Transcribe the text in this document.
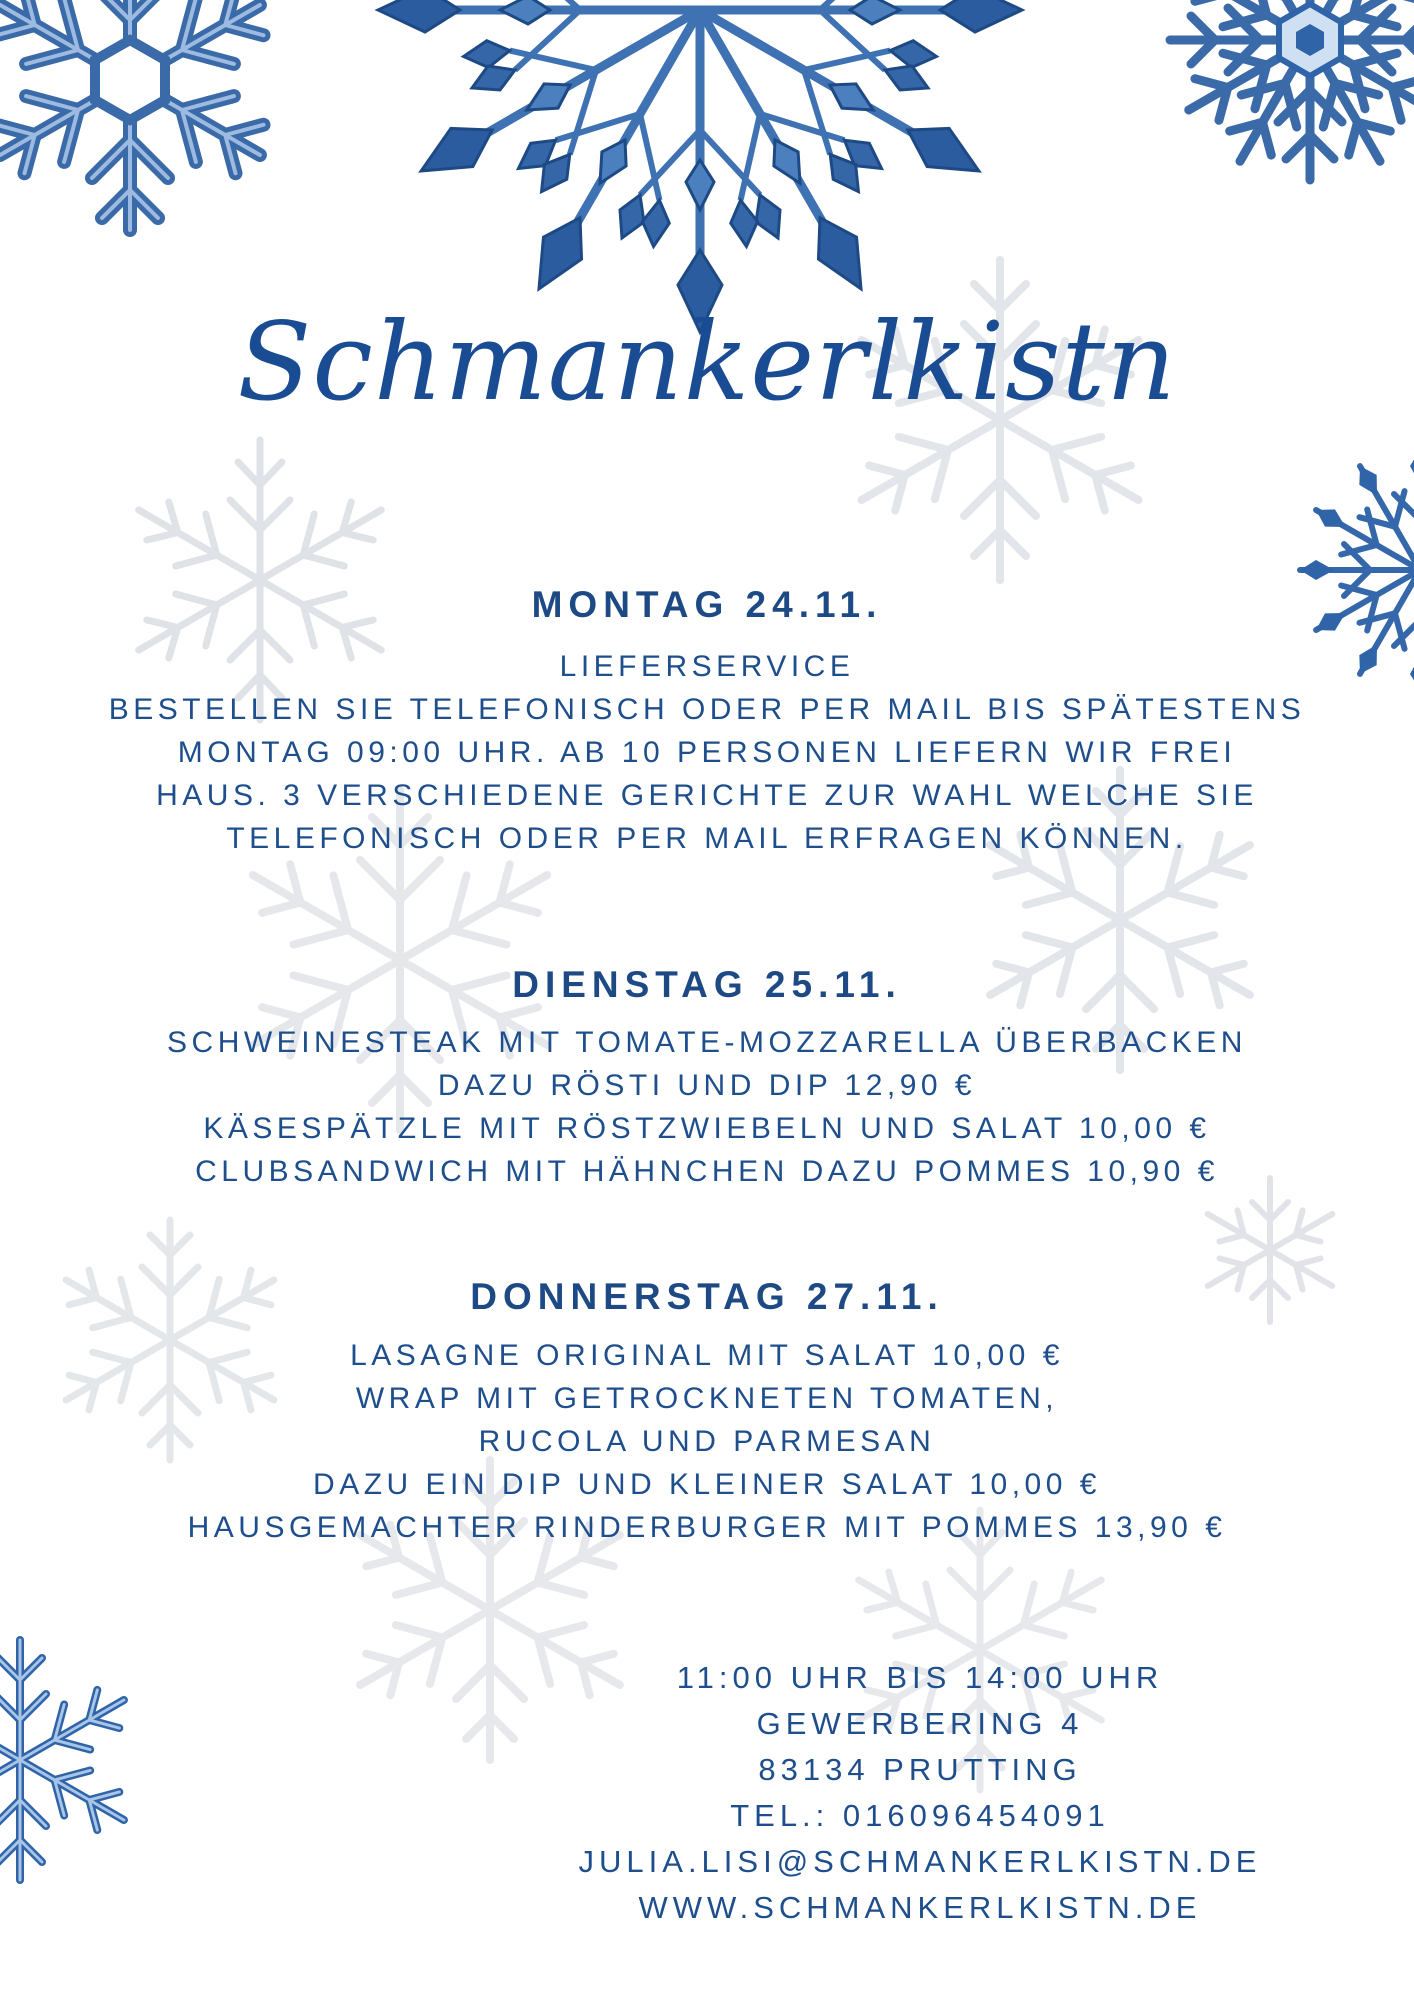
Schmankerlkistn
MONTAG 24.11.
LIEFERSERVICE
BESTELLEN SIE TELEFONISCH ODER PER MAIL BIS SPÄTESTENS
MONTAG 09:00 UHR. AB 10 PERSONEN LIEFERN WIR FREI
HAUS. 3 VERSCHIEDENE GERICHTE ZUR WAHL WELCHE SIE
TELEFONISCH ODER PER MAIL ERFRAGEN KÖNNEN.
DIENSTAG 25.11.
SCHWEINESTEAK MIT TOMATE-MOZZARELLA ÜBERBACKEN
DAZU RÖSTI UND DIP 12,90 €
KÄSESPÄTZLE MIT RÖSTZWIEBELN UND SALAT 10,00 €
CLUBSANDWICH MIT HÄHNCHEN DAZU POMMES 10,90 €
DONNERSTAG 27.11.
LASAGNE ORIGINAL MIT SALAT 10,00 €
WRAP MIT GETROCKNETEN TOMATEN,
RUCOLA UND PARMESAN
DAZU EIN DIP UND KLEINER SALAT 10,00 €
HAUSGEMACHTER RINDERBURGER MIT POMMES 13,90 €
11:00 UHR BIS 14:00 UHR
GEWERBERING 4
83134 PRUTTING
TEL.: 016096454091
JULIA.LISI@SCHMANKERLKISTN.DE
WWW.SCHMANKERLKISTN.DE
